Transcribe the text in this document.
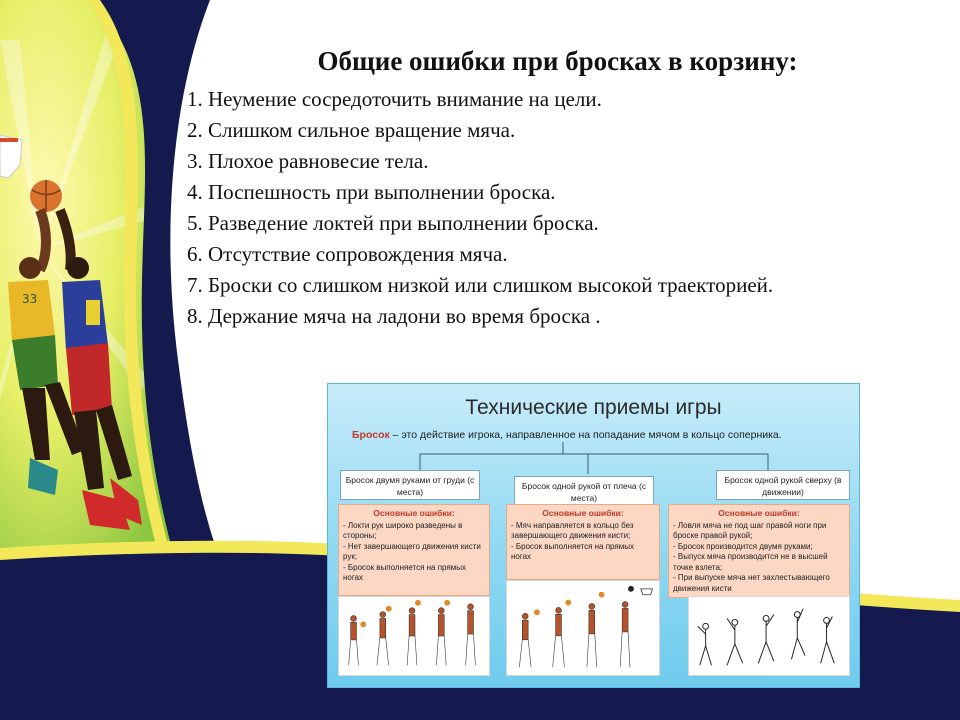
33
Общие ошибки при бросках в корзину:
1. Неумение сосредоточить внимание на цели.
2. Слишком сильное вращение мяча.
3. Плохое равновесие тела.
4. Поспешность при выполнении броска.
5. Разведение локтей при выполнении броска.
6. Отсутствие сопровождения мяча.
7. Броски со слишком низкой или слишком высокой траекторией.
8. Держание мяча на ладони во время броска .
Технические приемы игры
Бросок – это действие игрока, направленное на попадание мячом в кольцо соперника.
Бросок двумя руками от груди (с места)
Бросок одной рукой от плеча (с места)
Бросок одной рукой сверху (в движении)
Основные ошибки:
- Локти рук широко разведены в стороны;
- Нет завершающего движения кисти рук;
- Бросок выполняется на прямых ногах
Основные ошибки:
- Мяч направляется в кольцо без завершающего движения кисти;
- Бросок выполняется на прямых ногах
Основные ошибки:
- Ловля мяча не под шаг правой ноги при броске правой рукой;
- Бросок производится двумя руками;
- Выпуск мяча производится не в высшей точке взлета;
- При выпуске мяча нет захлестывающего движения кисти
